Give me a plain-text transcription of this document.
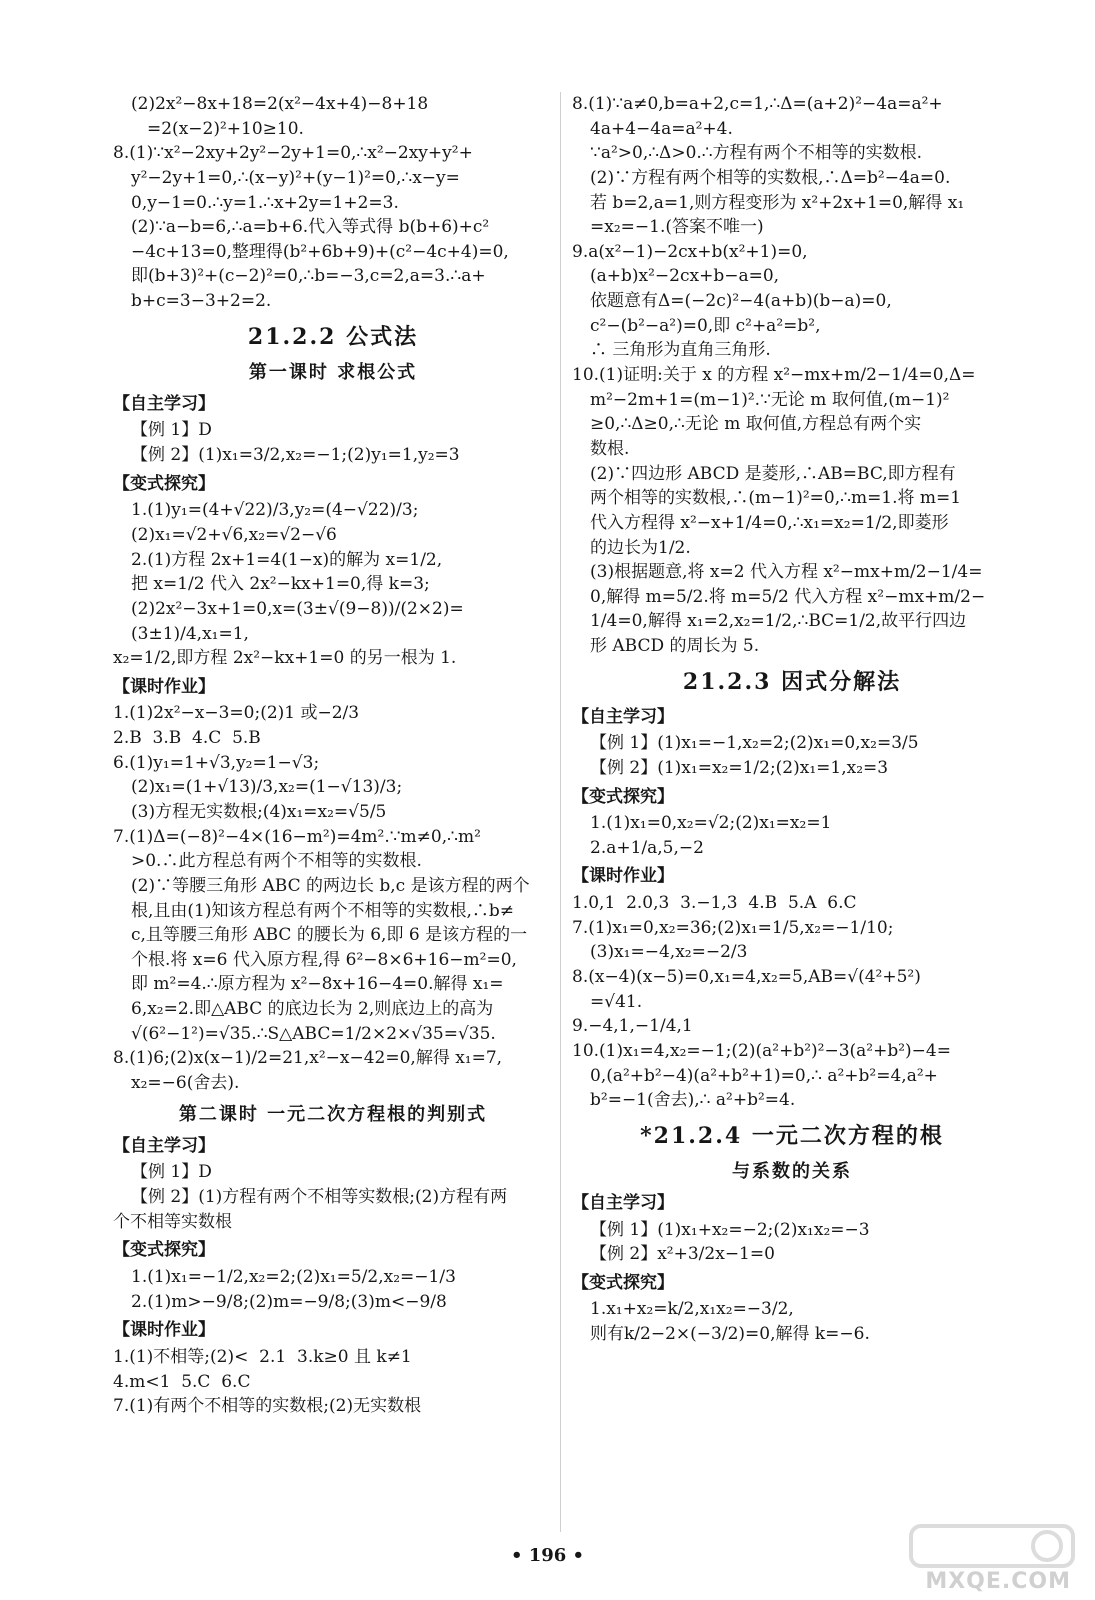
(2)2x²−8x+18=2(x²−4x+4)−8+18
=2(x−2)²+10≥10.
8.(1)∵x²−2xy+2y²−2y+1=0,∴x²−2xy+y²+
y²−2y+1=0,∴(x−y)²+(y−1)²=0,∴x−y=
0,y−1=0.∴y=1.∴x+2y=1+2=3.
(2)∵a−b=6,∴a=b+6.代入等式得 b(b+6)+c²
−4c+13=0,整理得(b²+6b+9)+(c²−4c+4)=0,
即(b+3)²+(c−2)²=0,∴b=−3,c=2,a=3.∴a+
b+c=3−3+2=2.
21.2.2 公式法
第一课时 求根公式
【自主学习】
【例 1】D
【例 2】(1)x₁=3/2,x₂=−1;(2)y₁=1,y₂=3
【变式探究】
1.(1)y₁=(4+√22)/3,y₂=(4−√22)/3;
(2)x₁=√2+√6,x₂=√2−√6
2.(1)方程 2x+1=4(1−x)的解为 x=1/2,
把 x=1/2 代入 2x²−kx+1=0,得 k=3;
(2)2x²−3x+1=0,x=(3±√(9−8))/(2×2)=(3±1)/4,x₁=1,
x₂=1/2,即方程 2x²−kx+1=0 的另一根为 1.
【课时作业】
1.(1)2x²−x−3=0;(2)1 或−2/3
2.B  3.B  4.C  5.B
6.(1)y₁=1+√3,y₂=1−√3;
(2)x₁=(1+√13)/3,x₂=(1−√13)/3;
(3)方程无实数根;(4)x₁=x₂=√5/5
7.(1)Δ=(−8)²−4×(16−m²)=4m².∵m≠0,∴m²
>0.∴此方程总有两个不相等的实数根.
(2)∵等腰三角形 ABC 的两边长 b,c 是该方程的两个
根,且由(1)知该方程总有两个不相等的实数根,∴b≠
c,且等腰三角形 ABC 的腰长为 6,即 6 是该方程的一
个根.将 x=6 代入原方程,得 6²−8×6+16−m²=0,
即 m²=4.∴原方程为 x²−8x+16−4=0.解得 x₁=
6,x₂=2.即△ABC 的底边长为 2,则底边上的高为
√(6²−1²)=√35.∴S△ABC=1/2×2×√35=√35.
8.(1)6;(2)x(x−1)/2=21,x²−x−42=0,解得 x₁=7,
x₂=−6(舍去).
第二课时 一元二次方程根的判别式
【自主学习】
【例 1】D
【例 2】(1)方程有两个不相等实数根;(2)方程有两
个不相等实数根
【变式探究】
1.(1)x₁=−1/2,x₂=2;(2)x₁=5/2,x₂=−1/3
2.(1)m>−9/8;(2)m=−9/8;(3)m<−9/8
【课时作业】
1.(1)不相等;(2)<  2.1  3.k≥0 且 k≠1
4.m<1  5.C  6.C
7.(1)有两个不相等的实数根;(2)无实数根
8.(1)∵a≠0,b=a+2,c=1,∴Δ=(a+2)²−4a=a²+
4a+4−4a=a²+4.
∵a²>0,∴Δ>0.∴方程有两个不相等的实数根.
(2)∵方程有两个相等的实数根,∴Δ=b²−4a=0.
若 b=2,a=1,则方程变形为 x²+2x+1=0,解得 x₁
=x₂=−1.(答案不唯一)
9.a(x²−1)−2cx+b(x²+1)=0,
(a+b)x²−2cx+b−a=0,
依题意有Δ=(−2c)²−4(a+b)(b−a)=0,
c²−(b²−a²)=0,即 c²+a²=b²,
∴ 三角形为直角三角形.
10.(1)证明:关于 x 的方程 x²−mx+m/2−1/4=0,Δ=
m²−2m+1=(m−1)².∵无论 m 取何值,(m−1)²
≥0,∴Δ≥0,∴无论 m 取何值,方程总有两个实
数根.
(2)∵四边形 ABCD 是菱形,∴AB=BC,即方程有
两个相等的实数根,∴(m−1)²=0,∴m=1.将 m=1
代入方程得 x²−x+1/4=0,∴x₁=x₂=1/2,即菱形
的边长为1/2.
(3)根据题意,将 x=2 代入方程 x²−mx+m/2−1/4=
0,解得 m=5/2.将 m=5/2 代入方程 x²−mx+m/2−
1/4=0,解得 x₁=2,x₂=1/2,∴BC=1/2,故平行四边
形 ABCD 的周长为 5.
21.2.3 因式分解法
【自主学习】
【例 1】(1)x₁=−1,x₂=2;(2)x₁=0,x₂=3/5
【例 2】(1)x₁=x₂=1/2;(2)x₁=1,x₂=3
【变式探究】
1.(1)x₁=0,x₂=√2;(2)x₁=x₂=1
2.a+1/a,5,−2
【课时作业】
1.0,1  2.0,3  3.−1,3  4.B  5.A  6.C
7.(1)x₁=0,x₂=36;(2)x₁=1/5,x₂=−1/10;
(3)x₁=−4,x₂=−2/3
8.(x−4)(x−5)=0,x₁=4,x₂=5,AB=√(4²+5²)
=√41.
9.−4,1,−1/4,1
10.(1)x₁=4,x₂=−1;(2)(a²+b²)²−3(a²+b²)−4=
0,(a²+b²−4)(a²+b²+1)=0,∴ a²+b²=4,a²+
b²=−1(舍去),∴ a²+b²=4.
*21.2.4 一元二次方程的根
与系数的关系
【自主学习】
【例 1】(1)x₁+x₂=−2;(2)x₁x₂=−3
【例 2】x²+3/2x−1=0
【变式探究】
1.x₁+x₂=k/2,x₁x₂=−3/2,
则有k/2−2×(−3/2)=0,解得 k=−6.
• 196 •
MXQE.COM
